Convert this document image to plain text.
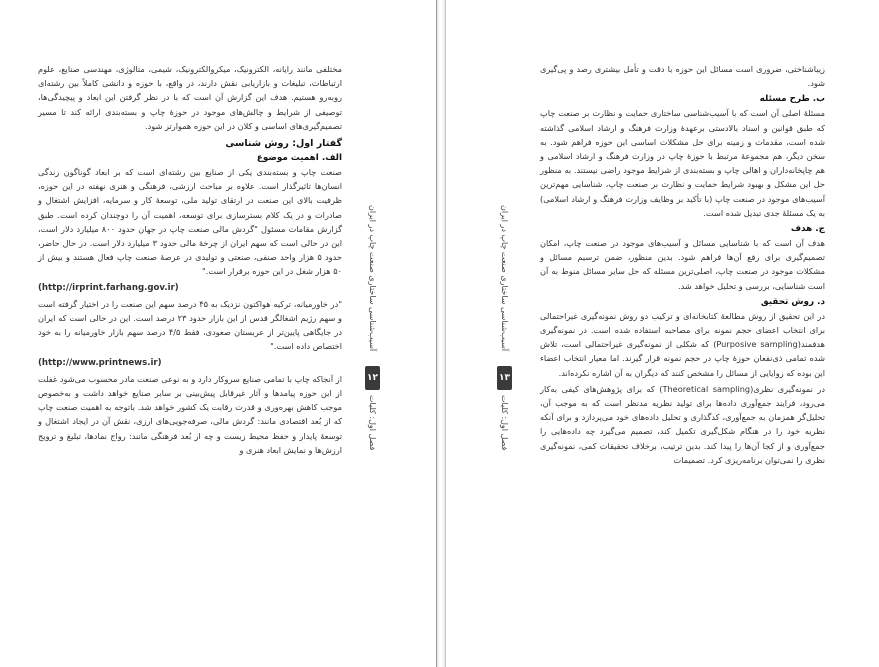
مختلفی مانند رایانه، الکترونیک، میکروالکترونیک، شیمی، متالوژی، مهندسی صنایع، علوم ارتباطات، تبلیغات و بازاریابی نقش دارند، در واقع، با حوزه و دانشی کاملاً بین رشته‌ای روبه‌رو هستیم. هدف این گزارش آن است که با در نظر گرفتن این ابعاد و پیچیدگی‌ها، توصیفی از شرایط و چالش‌های موجود در حوزهٔ چاپ و بسته‌بندی ارائه کند تا مسیر تصمیم‌گیری‌های اساسی و کلان در این حوزه هموارتر شود.

گفتار اول: روش شناسی
الف. اهمیت موضوع

صنعت چاپ و بسته‌بندی یکی از صنایع بین رشته‌ای است که بر ابعاد گوناگون زندگی انسان‌ها تاثیرگذار است. علاوه بر مباحث ارزشی، فرهنگی و هنری نهفته در این حوزه، ظرفیت بالای این صنعت در ارتقای تولید ملی، توسعهٔ کار و سرمایه، افزایش اشتغال و صادرات و در یک کلام بسترسازی برای توسعه، اهمیت آن را دوچندان کرده است. طبق گزارش مقامات مسئول "گردش مالی صنعت چاپ در جهان حدود ۸۰۰ میلیارد دلار است، این در حالی است که سهم ایران از چرخهٔ مالی حدود ۳ میلیارد دلار است. در حال حاضر، حدود ۵ هزار واحد صنفی، صنعتی و تولیدی در عرصهٔ صنعت چاپ فعال هستند و بیش از ۵۰ هزار شغل در این حوزه برقرار است."

(http://irprint.farhang.gov.ir)

"در خاورمیانه، ترکیه هواکتون نزدیک به ۴۵ درصد سهم این صنعت را در اختیار گرفته است و سهم رژیم اشغالگر قدس از این بازار حدود ۲۳ درصد است. این در حالی است که ایران در جایگاهی پایین‌تر از عربستان صعودی، فقط ۴/۵ درصد سهم بازار خاورمیانه را به خود اختصاص داده است."

(http://www.printnews.ir)

از آنجاکه چاپ با تمامی صنایع سروکار دارد و به نوعی صنعت مادر محسوب می‌شود غفلت از این حوزه پیامدها و آثار غیرقابل پیش‌بینی بر سایر صنایع خواهد داشت و به‌خصوص موجب کاهش بهره‌وری و قدرت رقابت یک کشور خواهد شد. باتوجه به اهمیت صنعت چاپ که از بُعد اقتصادی مانند: گردش مالی، صرفه‌جویی‌های ارزی، نقش آن در ایجاد اشتغال و توسعهٔ پایدار و حفظ محیط زیست و چه از بُعد فرهنگی مانند: رواج نمادها، تبلیغ و ترویج ارزش‌ها و نمایش ابعاد هنری و

آسیب‌شناسی ساختاری صنعت چاپ در ایران
۱۲
فصل اول: کلیات
آسیب‌شناسی ساختاری صنعت چاپ در ایران
۱۳
فصل اول: کلیات

زیباشناختی، ضروری است مسائل این حوزه با دقت و تأمل بیشتری رصد و پی‌گیری شود.

ب. طرح مسئله

مسئلهٔ اصلی آن است که با آسیب‌شناسی ساختاری حمایت و نظارت بر صنعت چاپ که طبق قوانین و اسناد بالادستی برعهدهٔ وزارت فرهنگ و ارشاد اسلامی گذاشته شده است، مقدمات و زمینه برای حل مشکلات اساسی این حوزه فراهم شود. به سخن دیگر، هم مجموعهٔ مرتبط با حوزهٔ چاپ در وزارت فرهنگ و ارشاد اسلامی و هم چاپخانه‌داران و اهالی چاپ و بسته‌بندی از شرایط موجود راضی نیستند. به منظور حل این مشکل و بهبود شرایط حمایت و نظارت بر صنعت چاپ، شناسایی مهم‌ترین آسیب‌های موجود در صنعت چاپ (با تأکید بر وظایف وزارت فرهنگ و ارشاد اسلامی) به یک مسئلهٔ جدی تبدیل شده است.

ج. هدف

هدف آن است که با شناسایی مسائل و آسیب‌های موجود در صنعت چاپ، امکان تصمیم‌گیری برای رفع آن‌ها فراهم شود. بدین منظور، ضمن ترسیم مسائل و مشکلات موجود در صنعت چاپ، اصلی‌ترین مسئله که حل سایر مسائل منوط به آن است شناسایی، بررسی و تحلیل خواهد شد.

د. روش تحقیق

در این تحقیق از روش مطالعهٔ کتابخانه‌ای و ترکیب دو روش نمونه‌گیری غیراحتمالی برای انتخاب اعضای حجم نمونه برای مصاحبه استفاده شده است. در نمونه‌گیری هدفمند(Purposive sampling) که شکلی از نمونه‌گیری غیراحتمالی است، تلاش شده تمامی ذی‌نفعان حوزهٔ چاپ در حجم نمونه قرار گیرند. اما معیار انتخاب اعضاء این بوده که زوایایی از مسائل را مشخص کنند که دیگران به آن اشاره نکرده‌اند.

در نمونه‌گیری نظری(Theoretical sampling) که برای پژوهش‌های کیفی به‌کار می‌رود، فرایند جمع‌آوری داده‌ها برای تولید نظریه مدنظر است که به موجب آن، تحلیل‌گر همزمان به جمع‌آوری، کدگذاری و تحلیل داده‌های خود می‌پردازد و برای آنکه نظریه خود را در هنگام شکل‌گیری تکمیل کند، تصمیم می‌گیرد چه داده‌هایی را جمع‌آوری و از کجا آن‌ها را پیدا کند. بدین ترتیب، برخلاف تحقیقات کمی، نمونه‌گیری نظری را نمی‌توان برنامه‌ریزی کرد. تصمیمات
